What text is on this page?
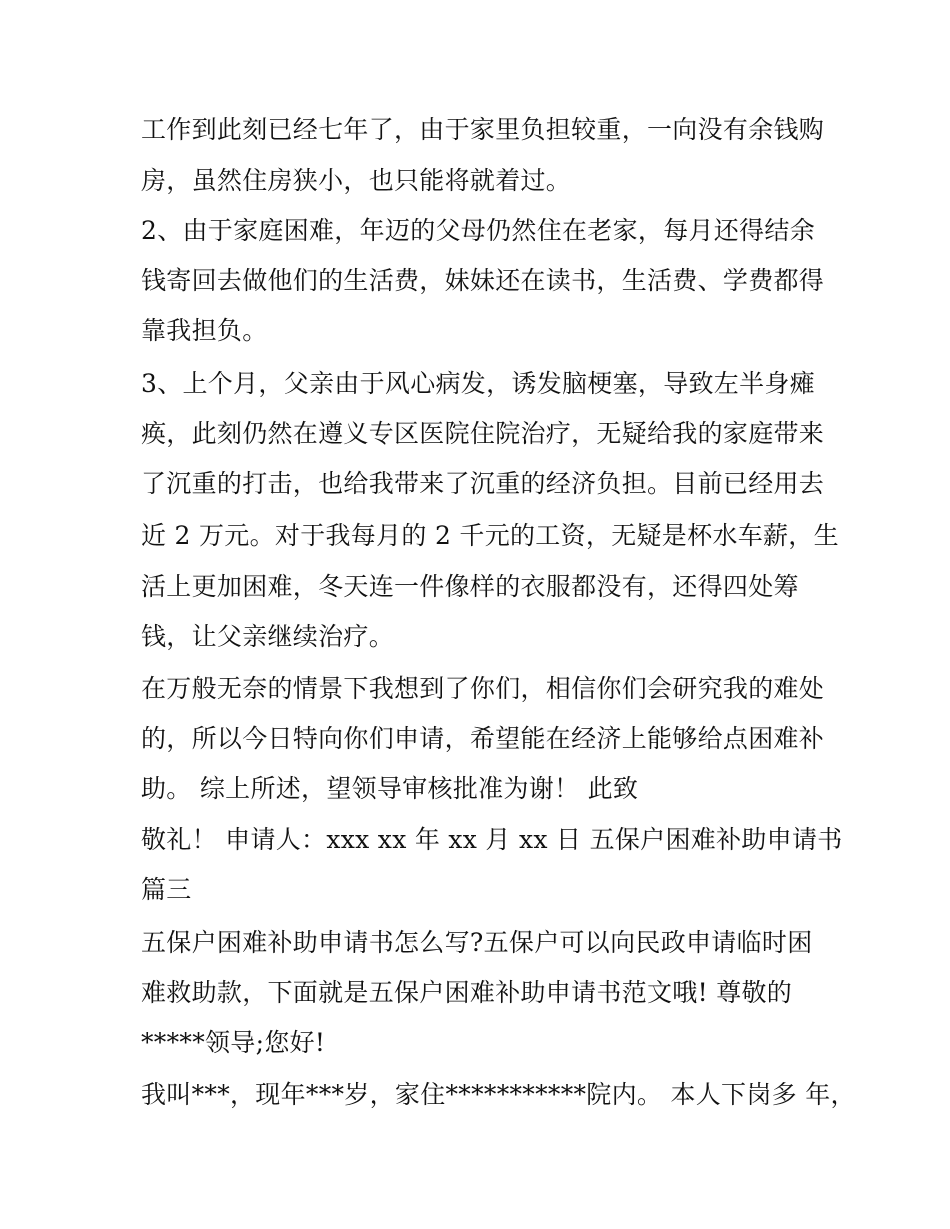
工作到此刻已经七年了，由于家里负担较重，一向没有余钱购
房，虽然住房狭小，也只能将就着过。
2、由于家庭困难，年迈的父母仍然住在老家，每月还得结余
钱寄回去做他们的生活费，妹妹还在读书，生活费、学费都得
靠我担负。
3、上个月，父亲由于风心病发，诱发脑梗塞，导致左半身瘫
痪，此刻仍然在遵义专区医院住院治疗，无疑给我的家庭带来
了沉重的打击，也给我带来了沉重的经济负担。目前已经用去
近 2 万元。对于我每月的 2 千元的工资，无疑是杯水车薪，生
活上更加困难，冬天连一件像样的衣服都没有，还得四处筹
钱，让父亲继续治疗。
在万般无奈的情景下我想到了你们，相信你们会研究我的难处
的，所以今日特向你们申请，希望能在经济上能够给点困难补
助。 综上所述，望领导审核批准为谢！ 此致
敬礼！ 申请人：xxx xx 年 xx 月 xx 日 五保户困难补助申请书
篇三
五保户困难补助申请书怎么写?五保户可以向民政申请临时困
难救助款，下面就是五保户困难补助申请书范文哦! 尊敬的
*****领导;您好!
我叫***，现年***岁，家住***********院内。 本人下岗多 年，
